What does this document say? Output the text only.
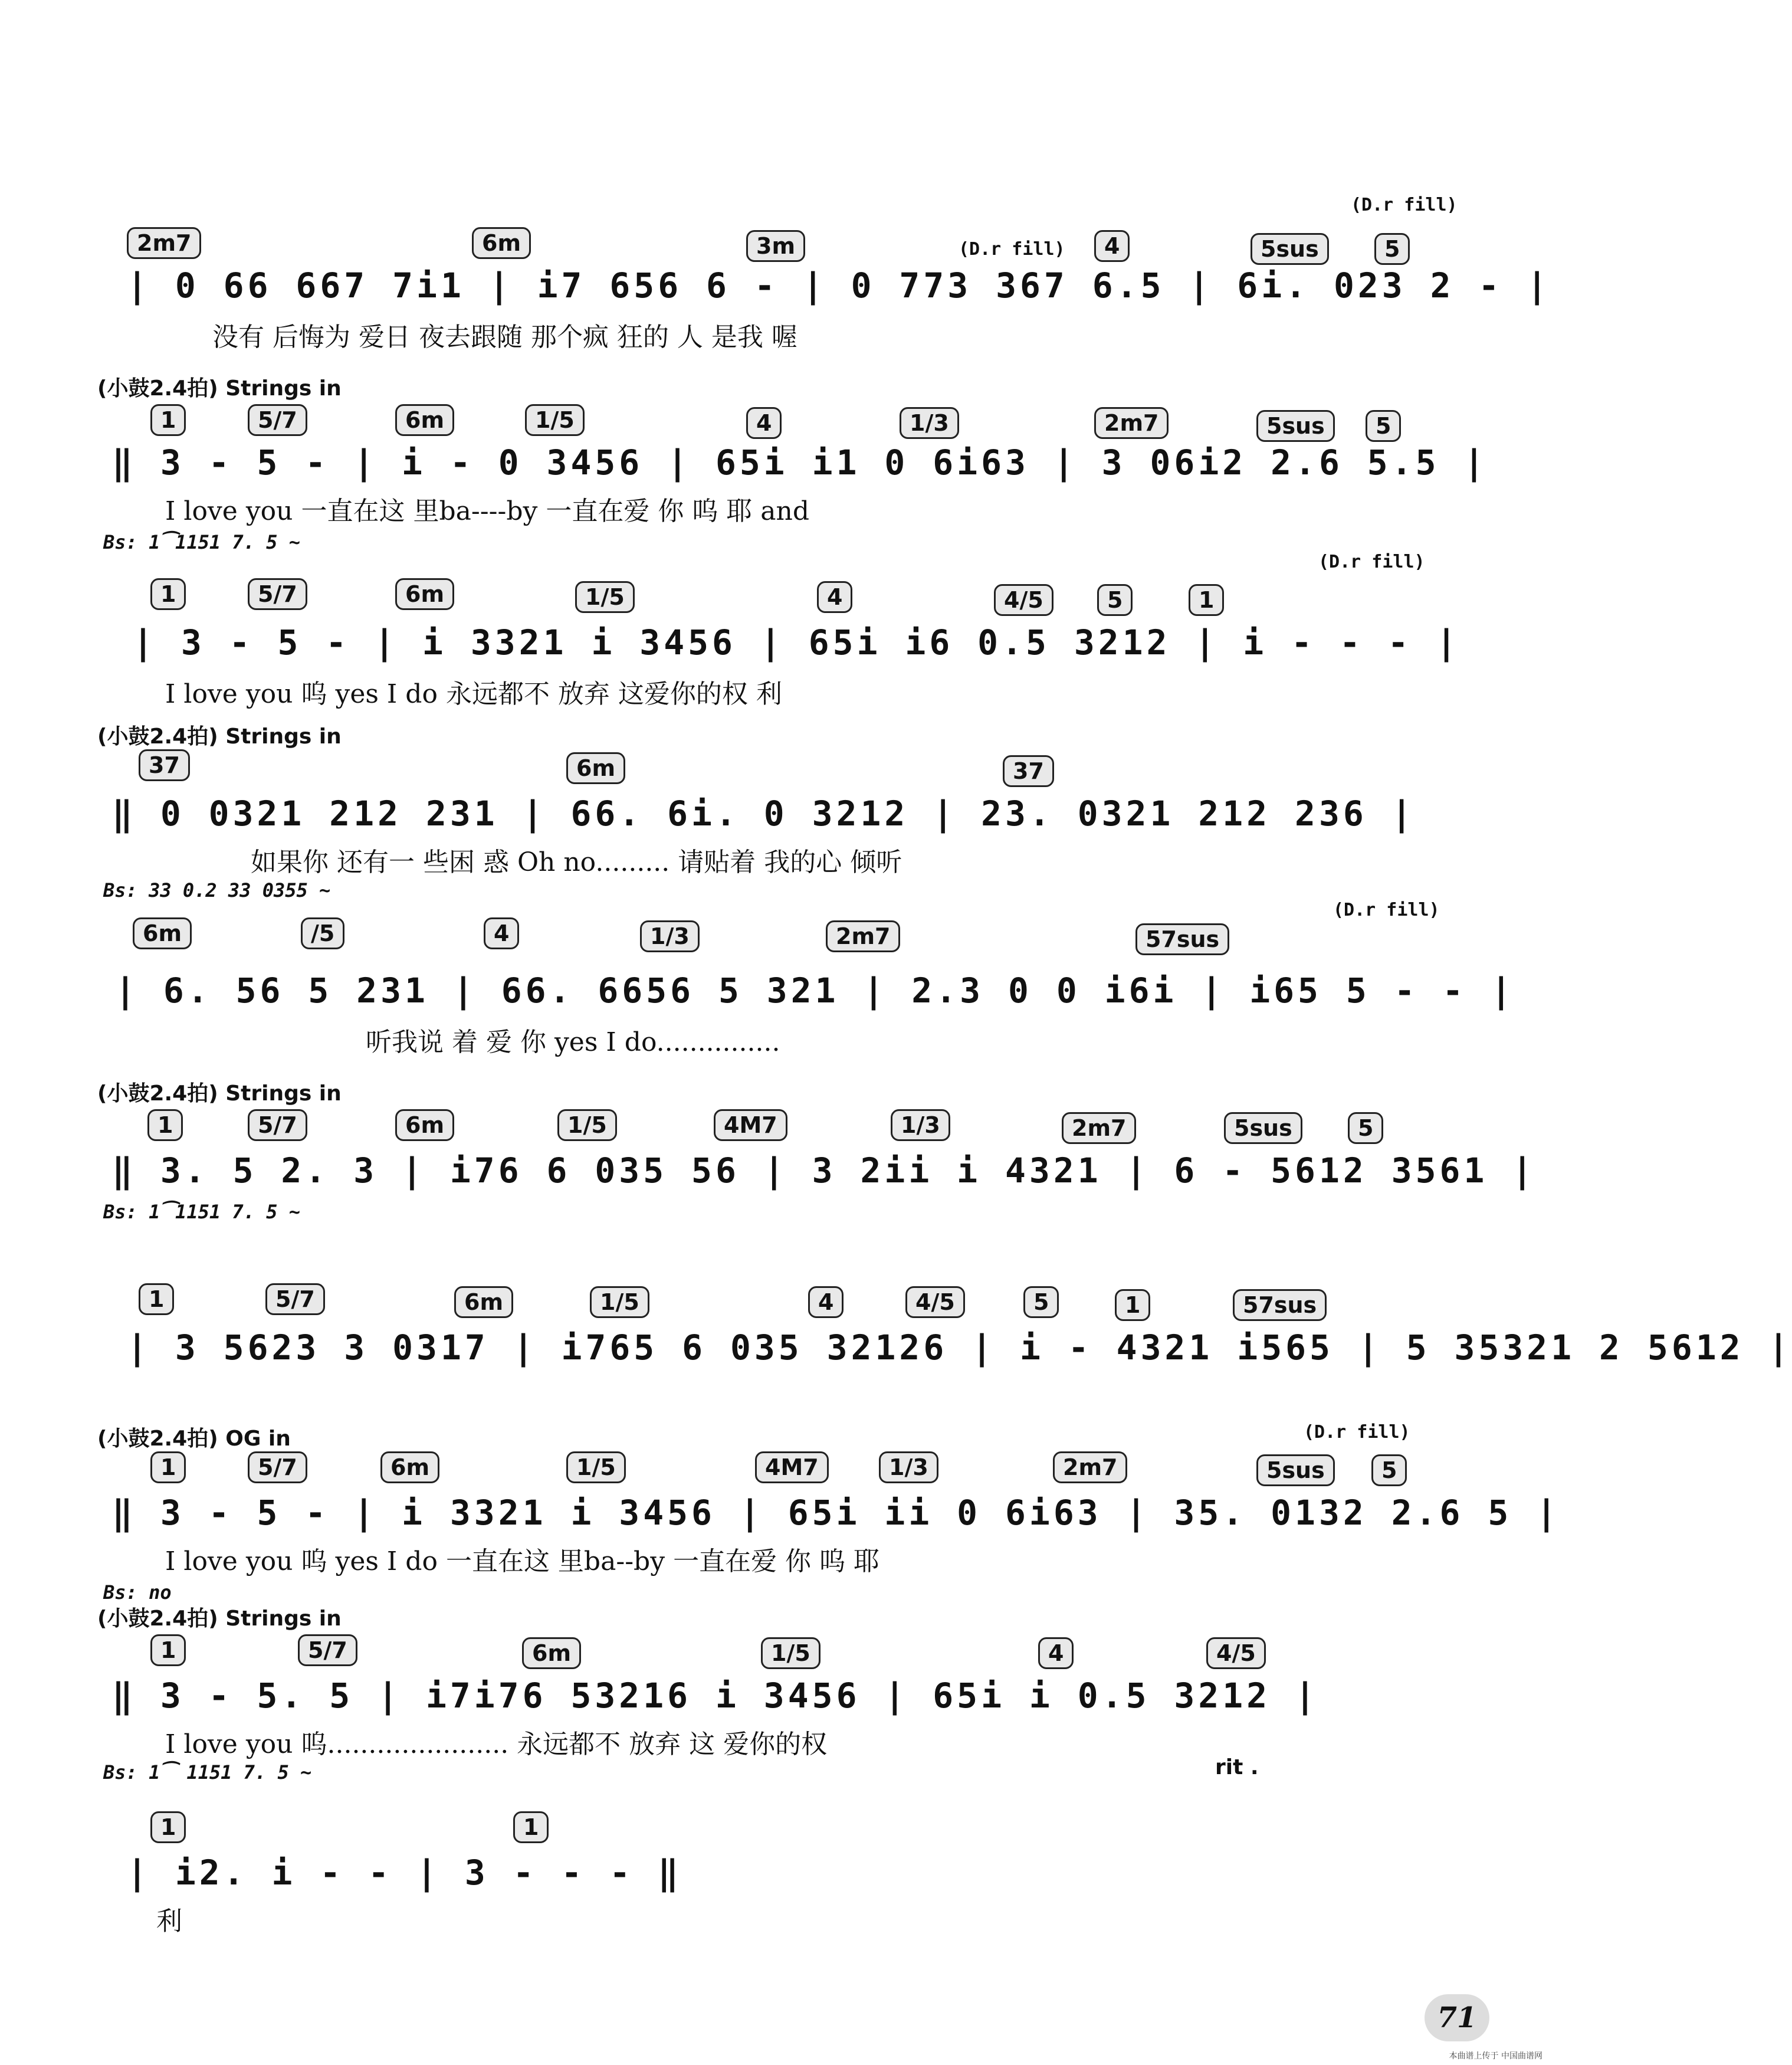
2m7	6m	3m	4	5sus	5
(D.r fill)
(D.r fill)
| 0 66 667 7i1 | i7 656 6 - | 0 773 367 6.5 | 6i. 023 2 - |
没有 后悔为 爱日 夜去跟随 那个疯 狂的 人 是我 喔
(小鼓2.4拍) Strings in
1	5/7	6m	1/5	4	1/3	2m7	5sus	5
‖ 3 - 5 - | i - 0 3456 | 65i i1 0 6i63 | 3 06i2 2.6 5.5 |
I love you 一直在这 里ba----by 一直在爱 你 呜 耶 and
Bs: 1⁀1151 7. 5 ~
1	5/7	6m	1/5	4	4/5	5	1
(D.r fill)
| 3 - 5 - | i 3321 i 3456 | 65i i6 0.5 3212 | i - - - |
I love you 呜 yes I do 永远都不 放弃 这爱你的权 利
(小鼓2.4拍) Strings in
37	6m	37
‖ 0 0321 212 231 | 66. 6i. 0 3212 | 23. 0321 212 236 |
如果你 还有一 些困 惑 Oh no......... 请贴着 我的心 倾听
Bs: 33 0.2 33 0355 ~
6m	/5	4	1/3	2m7	57sus
(D.r fill)
| 6. 56 5 231 | 66. 6656 5 321 | 2.3 0 0 i6i | i65 5 - - |
听我说 着 爱 你 yes I do...............
(小鼓2.4拍) Strings in
1	5/7	6m	1/5	4M7	1/3	2m7	5sus	5
‖ 3. 5 2. 3 | i76 6 035 56 | 3 2ii i 4321 | 6 - 5612 3561 |
Bs: 1⁀1151 7. 5 ~
1	5/7	6m	1/5	4	4/5	5	1	57sus
| 3 5623 3 0317 | i765 6 035 32126 | i - 4321 i565 | 5 35321 2 5612 |
(小鼓2.4拍) OG in
1	5/7	6m	1/5	4M7	1/3	2m7	5sus	5
(D.r fill)
‖ 3 - 5 - | i 3321 i 3456 | 65i ii 0 6i63 | 35. 0132 2.6 5 |
I love you 呜 yes I do 一直在这 里ba--by 一直在爱 你 呜 耶
Bs: no
(小鼓2.4拍) Strings in
1	5/7	6m	1/5	4	4/5
‖ 3 - 5. 5 | i7i76 53216 i 3456 | 65i i 0.5 3212 |
I love you 呜...................... 永远都不 放弃 这 爱你的权
Bs: 1⁀ 1151 7. 5 ~	rit .
1	1
| i2. i - - | 3 - - - ‖
利
71
本曲谱上传于 中国曲谱网
